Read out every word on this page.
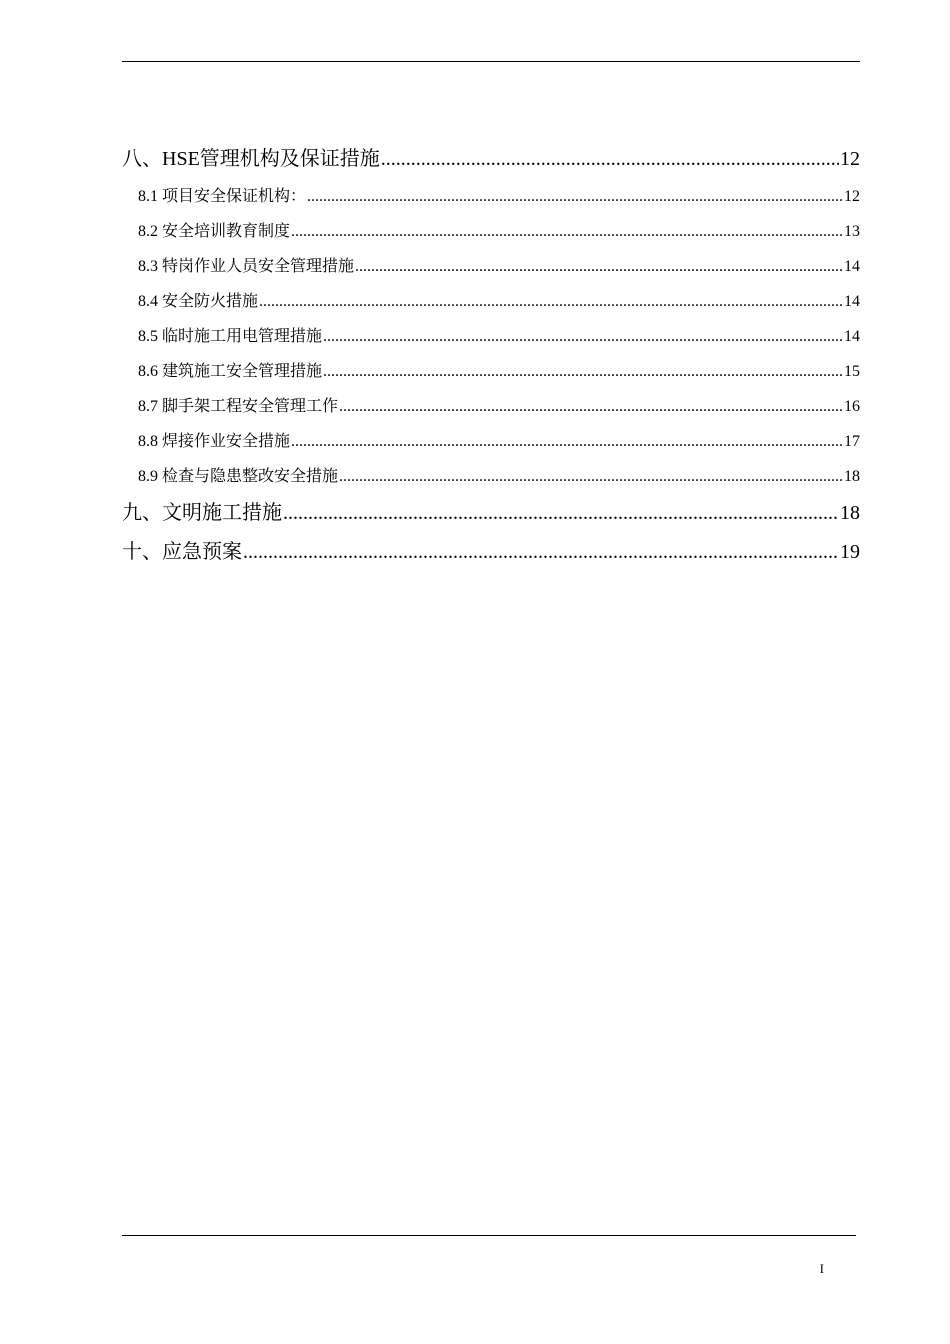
八、HSE管理机构及保证措施 .....	12
8.1 项目安全保证机构： .....	12
8.2 安全培训教育制度 .....	13
8.3 特岗作业人员安全管理措施 .....	14
8.4 安全防火措施 .....	14
8.5 临时施工用电管理措施 .....	14
8.6 建筑施工安全管理措施 .....	15
8.7 脚手架工程安全管理工作 .....	16
8.8 焊接作业安全措施 .....	17
8.9 检查与隐患整改安全措施 .....	18
九、文明施工措施 .....	18
十、应急预案 .....	19
I
